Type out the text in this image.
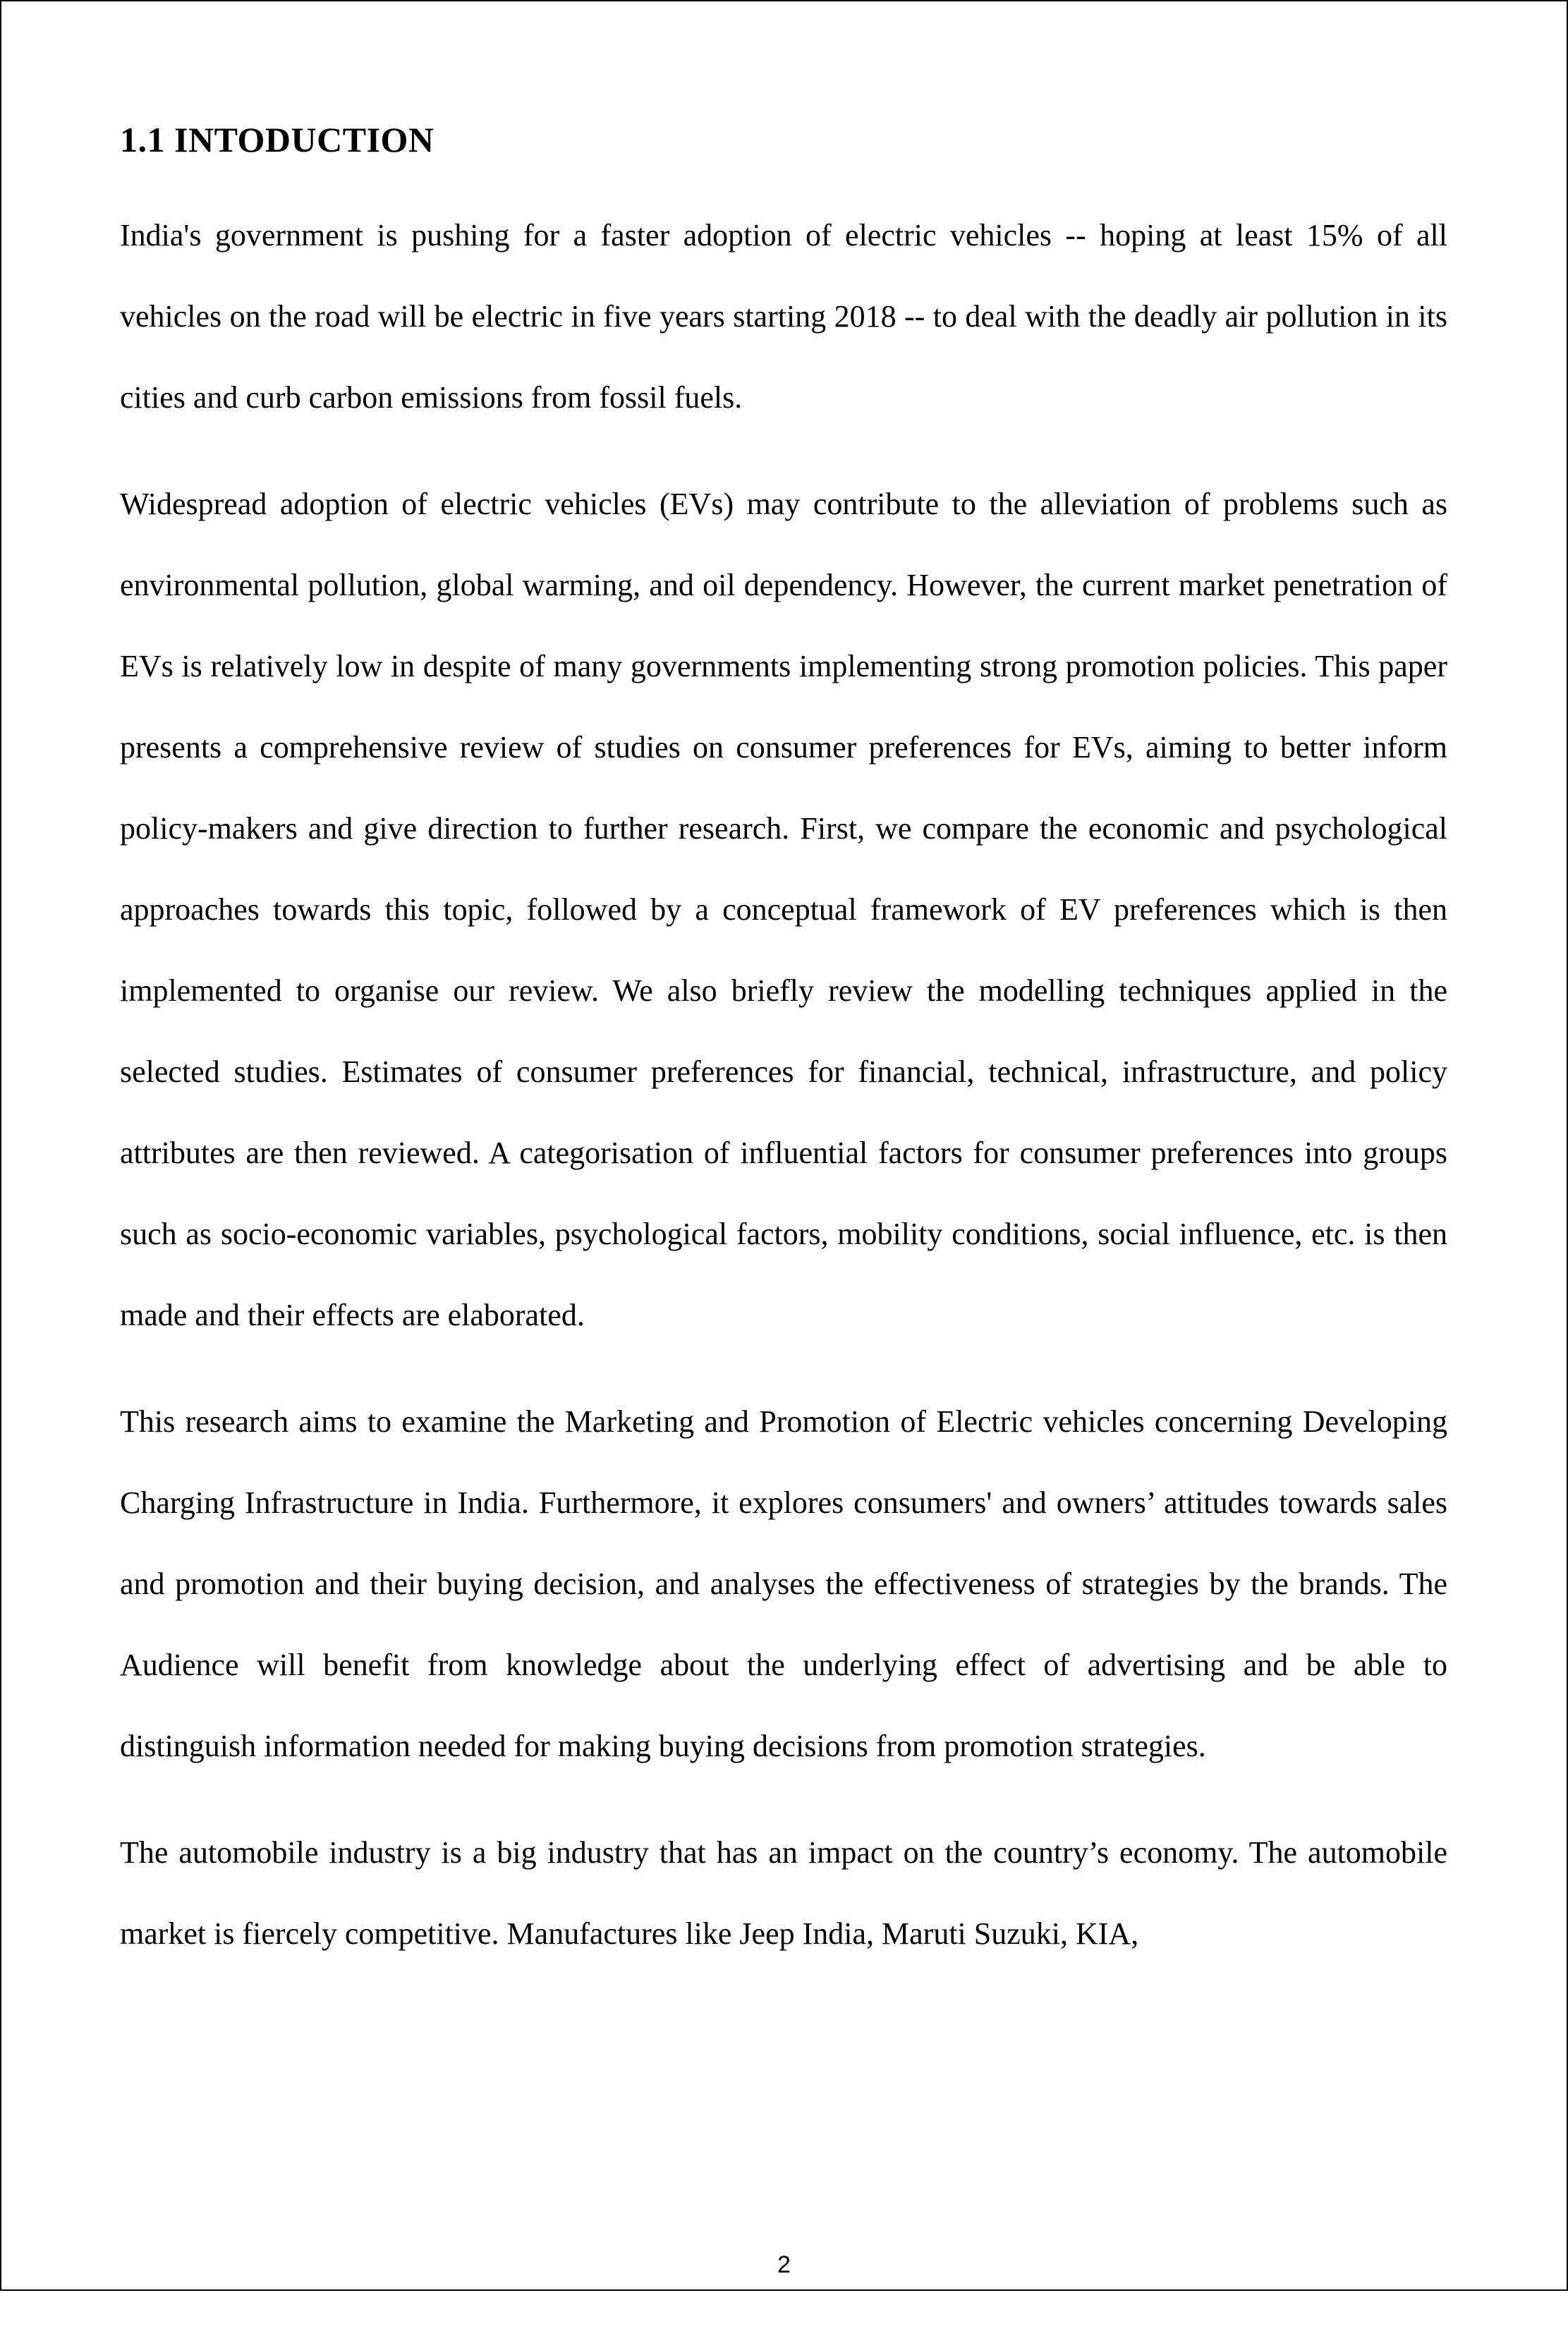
1.1 INTODUCTION

India's government is pushing for a faster adoption of electric vehicles -- hoping at least 15% of all vehicles on the road will be electric in five years starting 2018 -- to deal with the deadly air pollution in its cities and curb carbon emissions from fossil fuels.

Widespread adoption of electric vehicles (EVs) may contribute to the alleviation of problems such as environmental pollution, global warming, and oil dependency. However, the current market penetration of EVs is relatively low in despite of many governments implementing strong promotion policies. This paper presents a comprehensive review of studies on consumer preferences for EVs, aiming to better inform policy-makers and give direction to further research. First, we compare the economic and psychological approaches towards this topic, followed by a conceptual framework of EV preferences which is then implemented to organise our review. We also briefly review the modelling techniques applied in the selected studies. Estimates of consumer preferences for financial, technical, infrastructure, and policy attributes are then reviewed. A categorisation of influential factors for consumer preferences into groups such as socio-economic variables, psychological factors, mobility conditions, social influence, etc. is then made and their effects are elaborated.

This research aims to examine the Marketing and Promotion of Electric vehicles concerning Developing Charging Infrastructure in India. Furthermore, it explores consumers' and owners’ attitudes towards sales and promotion and their buying decision, and analyses the effectiveness of strategies by the brands. The Audience will benefit from knowledge about the underlying effect of advertising and be able to distinguish information needed for making buying decisions from promotion strategies.

The automobile industry is a big industry that has an impact on the country’s economy. The automobile market is fiercely competitive. Manufactures like Jeep India, Maruti Suzuki, KIA,

2
